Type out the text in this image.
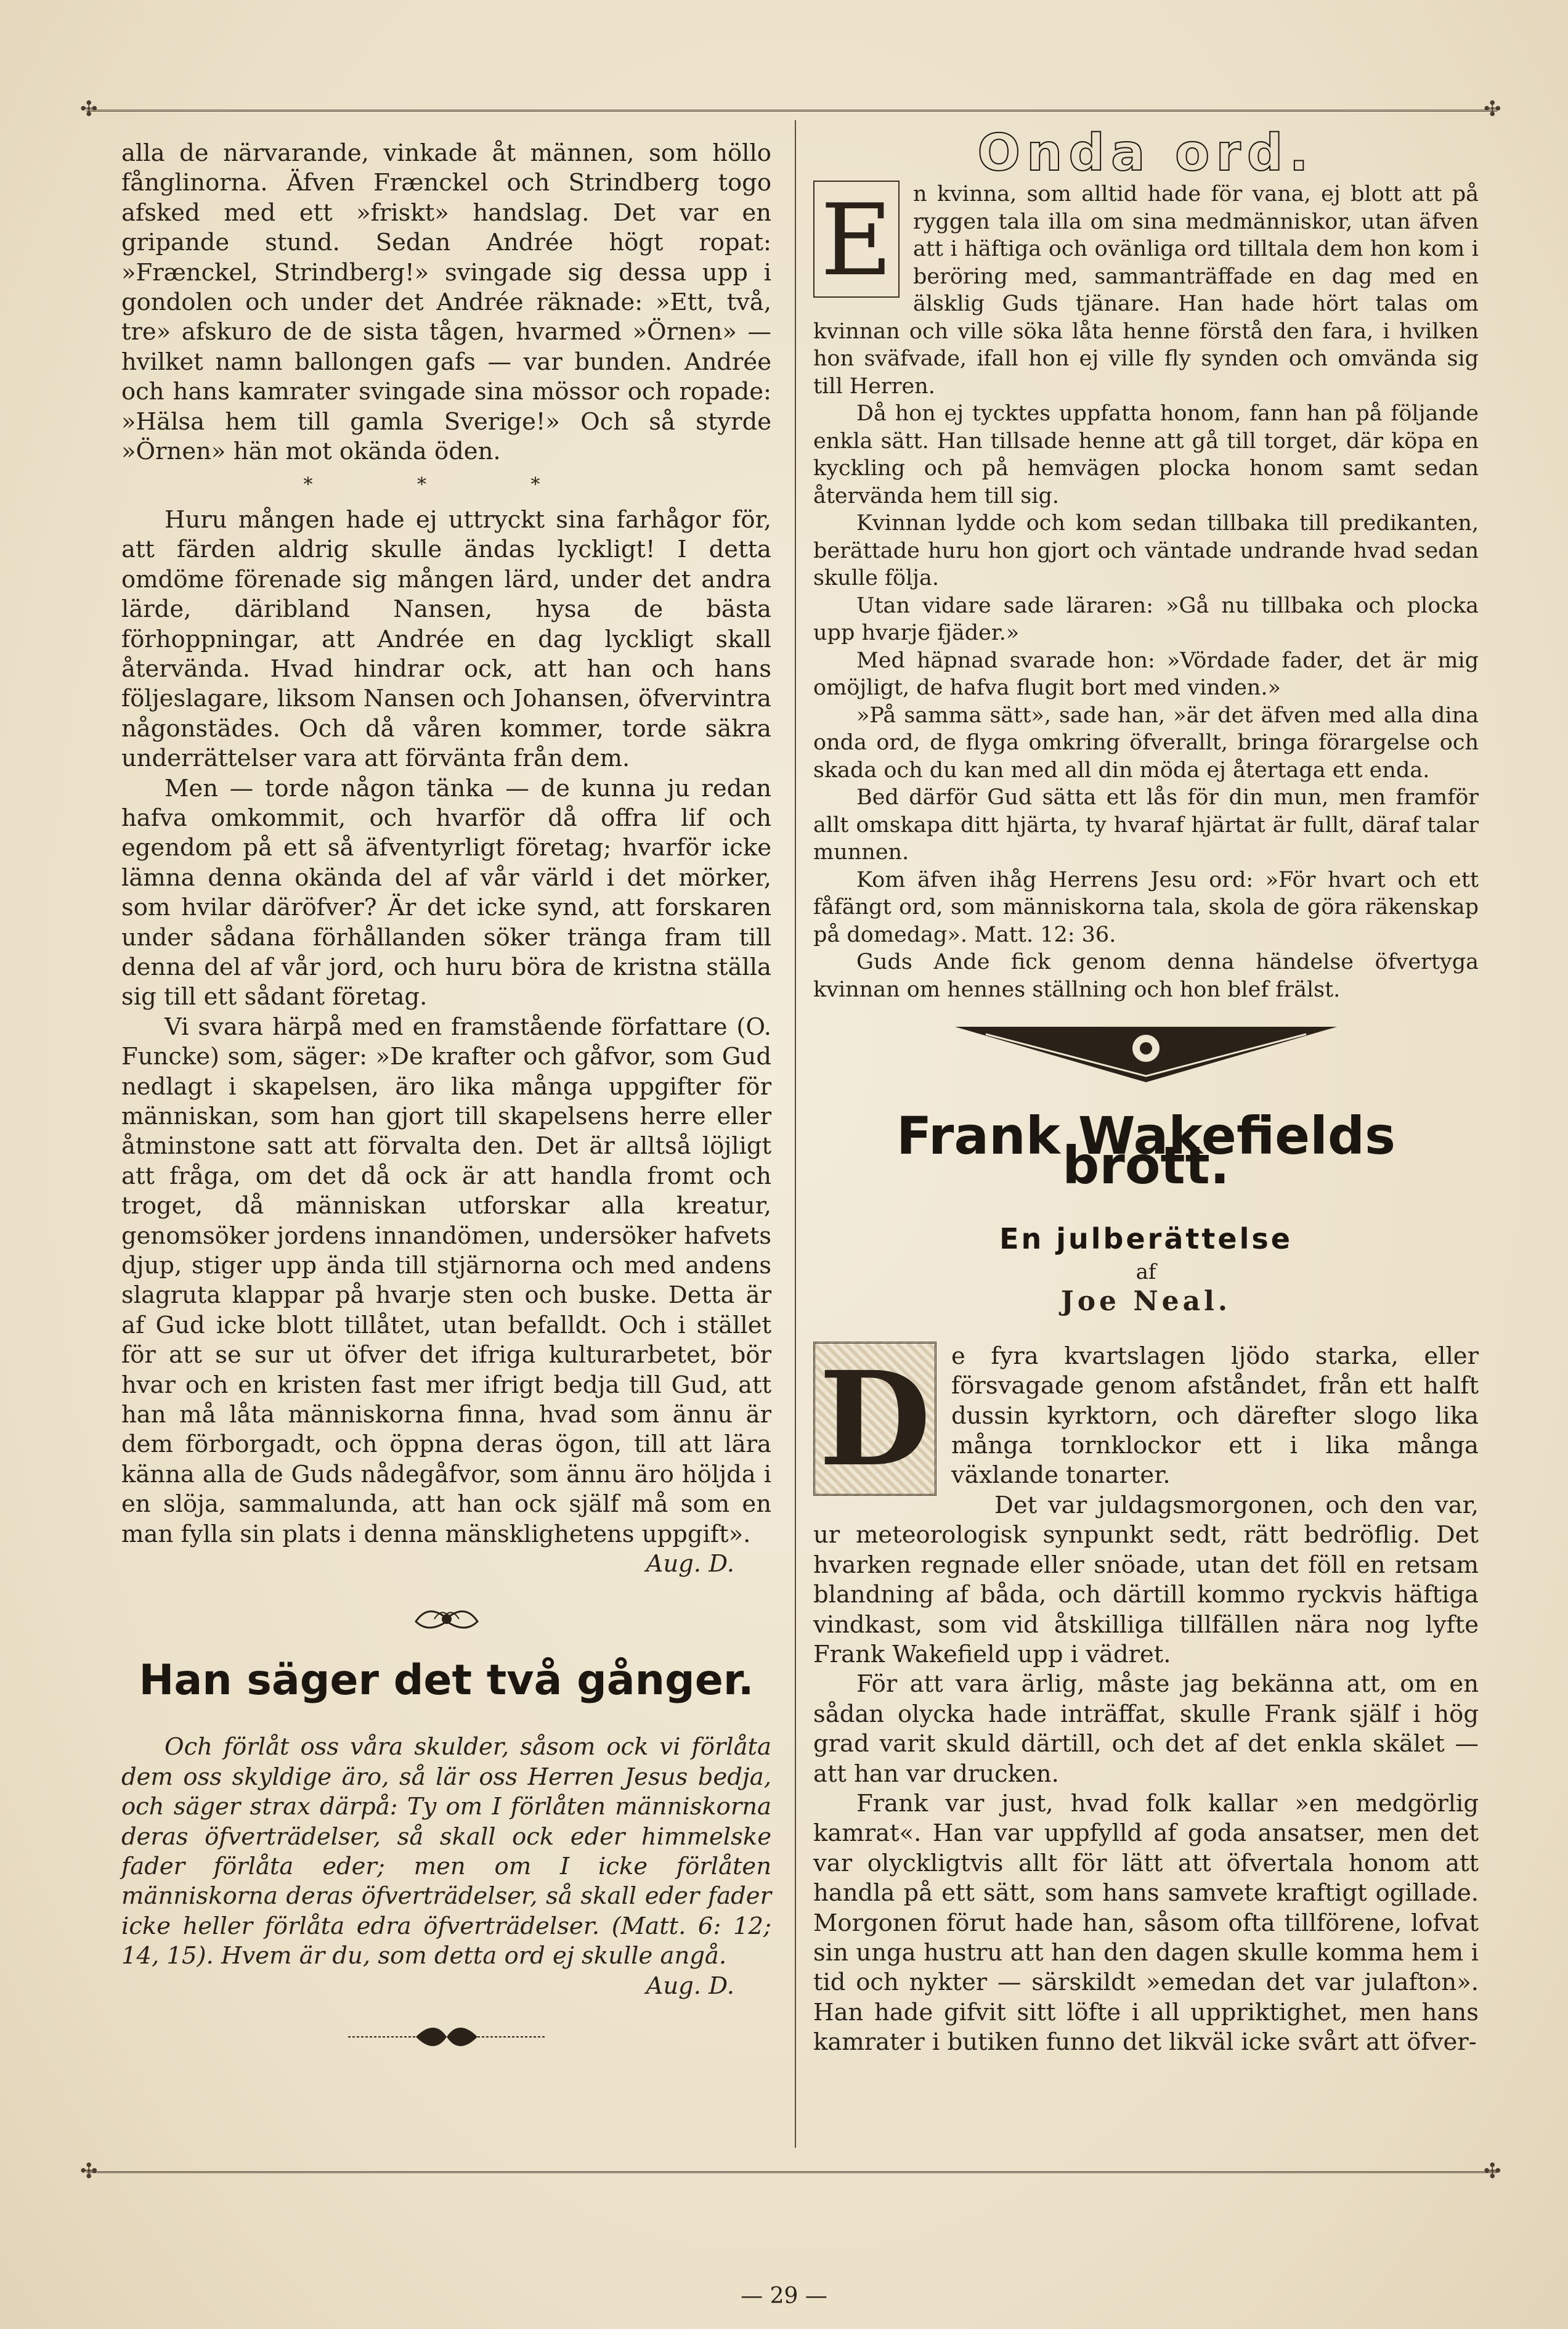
✣	✣
✣	✣

alla de närvarande, vinkade åt männen, som höllo fånglinorna. Äfven Frænckel och Strindberg togo afsked med ett »friskt» handslag. Det var en gripande stund. Sedan Andrée högt ropat: »Frænckel, Strindberg!» svingade sig dessa upp i gondolen och under det Andrée räknade: »Ett, två, tre» afskuro de de sista tågen, hvarmed »Örnen» — hvilket namn ballongen gafs — var bunden. Andrée och hans kamrater svingade sina mössor och ropade: »Hälsa hem till gamla Sverige!» Och så styrde »Örnen» hän mot okända öden.

* * *

Huru mången hade ej uttryckt sina farhågor för, att färden aldrig skulle ändas lyckligt! I detta omdöme förenade sig mången lärd, under det andra lärde, däribland Nansen, hysa de bästa förhoppningar, att Andrée en dag lyckligt skall återvända. Hvad hindrar ock, att han och hans följeslagare, liksom Nansen och Johansen, öfvervintra någonstädes. Och då våren kommer, torde säkra underrättelser vara att förvänta från dem.

Men — torde någon tänka — de kunna ju redan hafva omkommit, och hvarför då offra lif och egendom på ett så äfventyrligt företag; hvarför icke lämna denna okända del af vår värld i det mörker, som hvilar däröfver? Är det icke synd, att forskaren under sådana förhållanden söker tränga fram till denna del af vår jord, och huru böra de kristna ställa sig till ett sådant företag.

Vi svara härpå med en framstående författare (O. Funcke) som, säger: »De krafter och gåfvor, som Gud nedlagt i skapelsen, äro lika många uppgifter för människan, som han gjort till skapelsens herre eller åtminstone satt att förvalta den. Det är alltså löjligt att fråga, om det då ock är att handla fromt och troget, då människan utforskar alla kreatur, genomsöker jordens innandömen, undersöker hafvets djup, stiger upp ända till stjärnorna och med andens slagruta klappar på hvarje sten och buske. Detta är af Gud icke blott tillåtet, utan befalldt. Och i stället för att se sur ut öfver det ifriga kulturarbetet, bör hvar och en kristen fast mer ifrigt bedja till Gud, att han må låta människorna finna, hvad som ännu är dem förborgadt, och öppna deras ögon, till att lära känna alla de Guds nådegåfvor, som ännu äro höljda i en slöja, sammalunda, att han ock själf må som en man fylla sin plats i denna mänsklighetens uppgift».

Aug. D.
Han säger det två gånger.

Och förlåt oss våra skulder, såsom ock vi förlåta dem oss skyldige äro, så lär oss Herren Jesus bedja, och säger strax därpå: Ty om I förlåten människorna deras öfverträdelser, så skall ock eder himmelske fader förlåta eder; men om I icke förlåten människorna deras öfverträdelser, så skall eder fader icke heller förlåta edra öfverträdelser. (Matt. 6: 12; 14, 15). Hvem är du, som detta ord ej skulle angå.

Aug. D.
Onda ord.
E n kvinna, som alltid hade för vana, ej blott att på ryggen tala illa om sina medmänniskor, utan äfven att i häftiga och ovänliga ord tilltala dem hon kom i beröring med, sammanträffade en dag med en älsklig Guds tjänare. Han hade hört talas om kvinnan och ville söka låta henne förstå den fara, i hvilken hon sväfvade, ifall hon ej ville fly synden och omvända sig till Herren.

Då hon ej tycktes uppfatta honom, fann han på följande enkla sätt. Han tillsade henne att gå till torget, där köpa en kyckling och på hemvägen plocka honom samt sedan återvända hem till sig.

Kvinnan lydde och kom sedan tillbaka till predikanten, berättade huru hon gjort och väntade undrande hvad sedan skulle följa.

Utan vidare sade läraren: »Gå nu tillbaka och plocka upp hvarje fjäder.»

Med häpnad svarade hon: »Vördade fader, det är mig omöjligt, de hafva flugit bort med vinden.»

»På samma sätt», sade han, »är det äfven med alla dina onda ord, de flyga omkring öfverallt, bringa förargelse och skada och du kan med all din möda ej återtaga ett enda.

Bed därför Gud sätta ett lås för din mun, men framför allt omskapa ditt hjärta, ty hvaraf hjärtat är fullt, däraf talar munnen.

Kom äfven ihåg Herrens Jesu ord: »För hvart och ett fåfängt ord, som människorna tala, skola de göra räkenskap på domedag». Matt. 12: 36.

Guds Ande fick genom denna händelse öfvertyga kvinnan om hennes ställning och hon blef frälst.

Frank Wakefields brott.
En julberättelse
af
Joe Neal.
D e fyra kvartslagen ljödo starka, eller försvagade genom afståndet, från ett halft dussin kyrktorn, och därefter slogo lika många tornklockor ett i lika många växlande tonarter.

Det var juldagsmorgonen, och den var, ur meteorologisk synpunkt sedt, rätt bedröflig. Det hvarken regnade eller snöade, utan det föll en retsam blandning af båda, och därtill kommo ryckvis häftiga vindkast, som vid åtskilliga tillfällen nära nog lyfte Frank Wakefield upp i vädret.

För att vara ärlig, måste jag bekänna att, om en sådan olycka hade inträffat, skulle Frank själf i hög grad varit skuld därtill, och det af det enkla skälet — att han var drucken.

Frank var just, hvad folk kallar »en medgörlig kamrat«. Han var uppfylld af goda ansatser, men det var olyckligtvis allt för lätt att öfvertala honom att handla på ett sätt, som hans samvete kraftigt ogillade. Morgonen förut hade han, såsom ofta tillförene, lofvat sin unga hustru att han den dagen skulle komma hem i tid och nykter — särskildt »emedan det var julafton». Han hade gifvit sitt löfte i all uppriktighet, men hans kamrater i butiken funno det likväl icke svårt att öfver-

— 29 —
